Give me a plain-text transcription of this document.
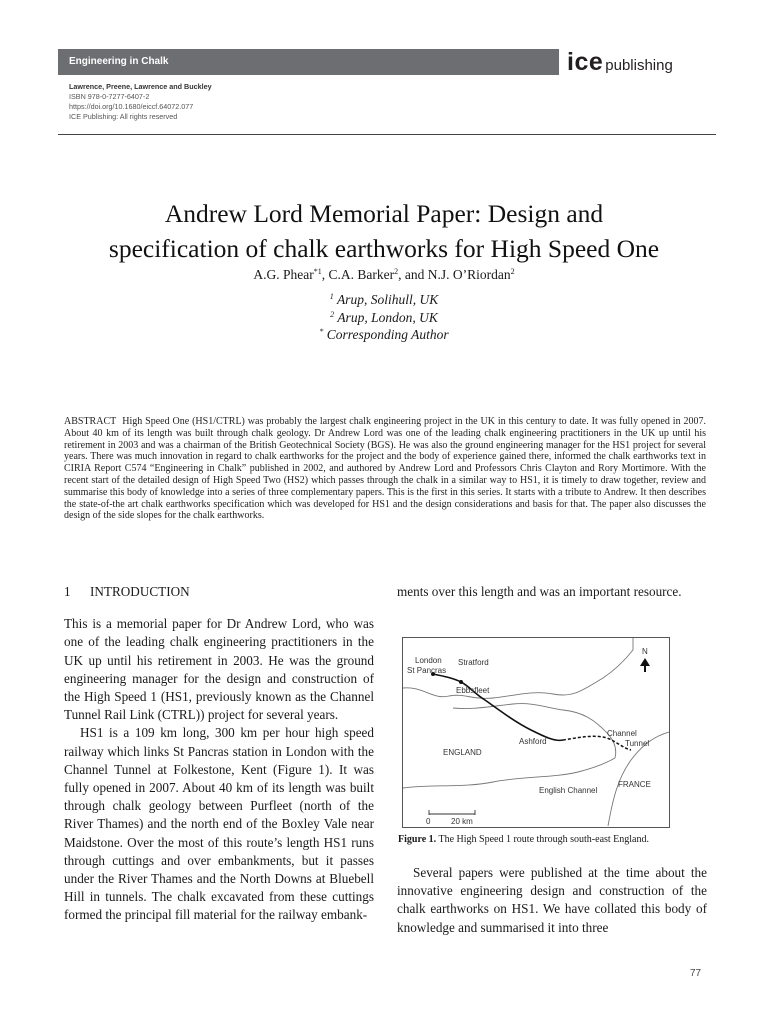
Engineering in Chalk	ice publishing
Lawrence, Preene, Lawrence and Buckley
ISBN 978-0-7277-6407-2
https://doi.org/10.1680/eiccf.64072.077
ICE Publishing: All rights reserved
Andrew Lord Memorial Paper: Design and
specification of chalk earthworks for High Speed One
A.G. Phear$^{*1}$, C.A. Barker$^2$, and N.J. O’Riordan$^2$
$^1$ Arup, Solihull, UK
$^2$ Arup, London, UK
* Corresponding Author
ABSTRACT High Speed One (HS1/CTRL) was probably the largest chalk engineering project in the UK in this century to date. It was fully opened in 2007. About 40 km of its length was built through chalk geology. Dr Andrew Lord was one of the leading chalk engineering practitioners in the UK up until his retirement in 2003 and was a chairman of the British Geotechnical Society (BGS). He was also the ground engineering manager for the HS1 project for several years. There was much innovation in regard to chalk earthworks for the project and the body of experience gained there, informed the chalk earthworks text in CIRIA Report C574 “Engineering in Chalk” published in 2002, and authored by Andrew Lord and Professors Chris Clayton and Rory Mortimore. With the recent start of the detailed design of High Speed Two (HS2) which passes through the chalk in a similar way to HS1, it is timely to draw together, review and summarise this body of knowledge into a series of three complementary papers. This is the first in this series. It starts with a tribute to Andrew. It then describes the state-of-the art chalk earthworks specification which was developed for HS1 and the design considerations and basis for that. The paper also discusses the design of the side slopes for the chalk earthworks.
1 INTRODUCTION

This is a memorial paper for Dr Andrew Lord, who was one of the leading chalk engineering practitioners in the UK up until his retirement in 2003. He was the ground engineering manager for the design and construction of the High Speed 1 (HS1, previously known as the Channel Tunnel Rail Link (CTRL)) project for several years.

HS1 is a 109 km long, 300 km per hour high speed railway which links St Pancras station in London with the Channel Tunnel at Folkestone, Kent (Figure 1). It was fully opened in 2007. About 40 km of its length was built through chalk geology between Purfleet (north of the River Thames) and the north end of the Boxley Vale near Maidstone. Over the most of this route’s length HS1 runs through cuttings and over embankments, but it passes under the River Thames and the North Downs at Bluebell Hill in tunnels. The chalk excavated from these cuttings formed the principal fill material for the railway embank-

ments over this length and was an important resource.
London
St Pancras
Stratford
Ebbsfleet
ENGLAND
Ashford
Channel
Tunnel
FRANCE
English Channel
N
0	20 km
Figure 1. The High Speed 1 route through south-east England.

Several papers were published at the time about the innovative engineering design and construction of the chalk earthworks on HS1. We have collated this body of knowledge and summarised it into three

77
